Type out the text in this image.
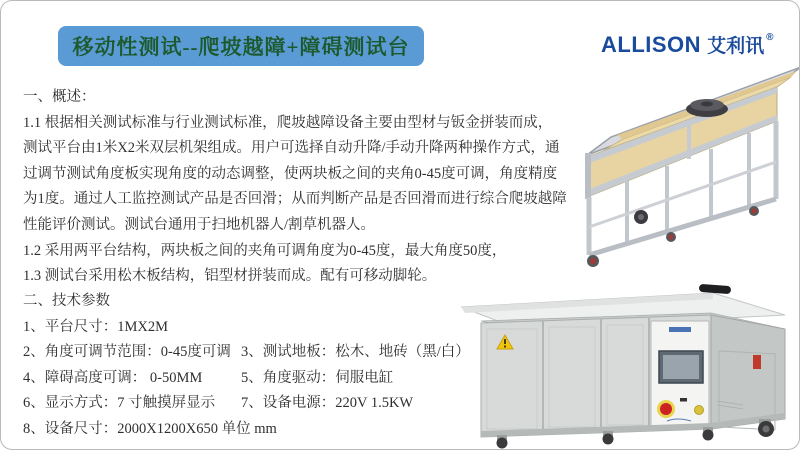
移动性测试--爬坡越障+障碍测试台	ALLISON 艾利讯 ®
一、概述：
1.1 根据相关测试标准与行业测试标准，爬坡越障设备主要由型材与钣金拼装而成，
测试平台由1米X2米双层机架组成。用户可选择自动升降/手动升降两种操作方式，通
过调节测试角度板实现角度的动态调整，使两块板之间的夹角0-45度可调，角度精度
为1度。通过人工监控测试产品是否回滑；从而判断产品是否回滑而进行综合爬坡越障
性能评价测试。测试台通用于扫地机器人/割草机器人。
1.2 采用两平台结构，两块板之间的夹角可调角度为0-45度，最大角度50度，
1.3 测试台采用松木板结构，铝型材拼装而成。配有可移动脚轮。
二、技术参数
1、平台尺寸：1MX2M
2、角度可调节范围：0-45度可调 3、测试地板：松木、地砖（黑/白）
4、障碍高度可调： 0-50MM	5、角度驱动：伺服电缸
6、显示方式：7 寸触摸屏显示	7、设备电源：220V 1.5KW
8、设备尺寸：2000X1200X650 单位 mm
